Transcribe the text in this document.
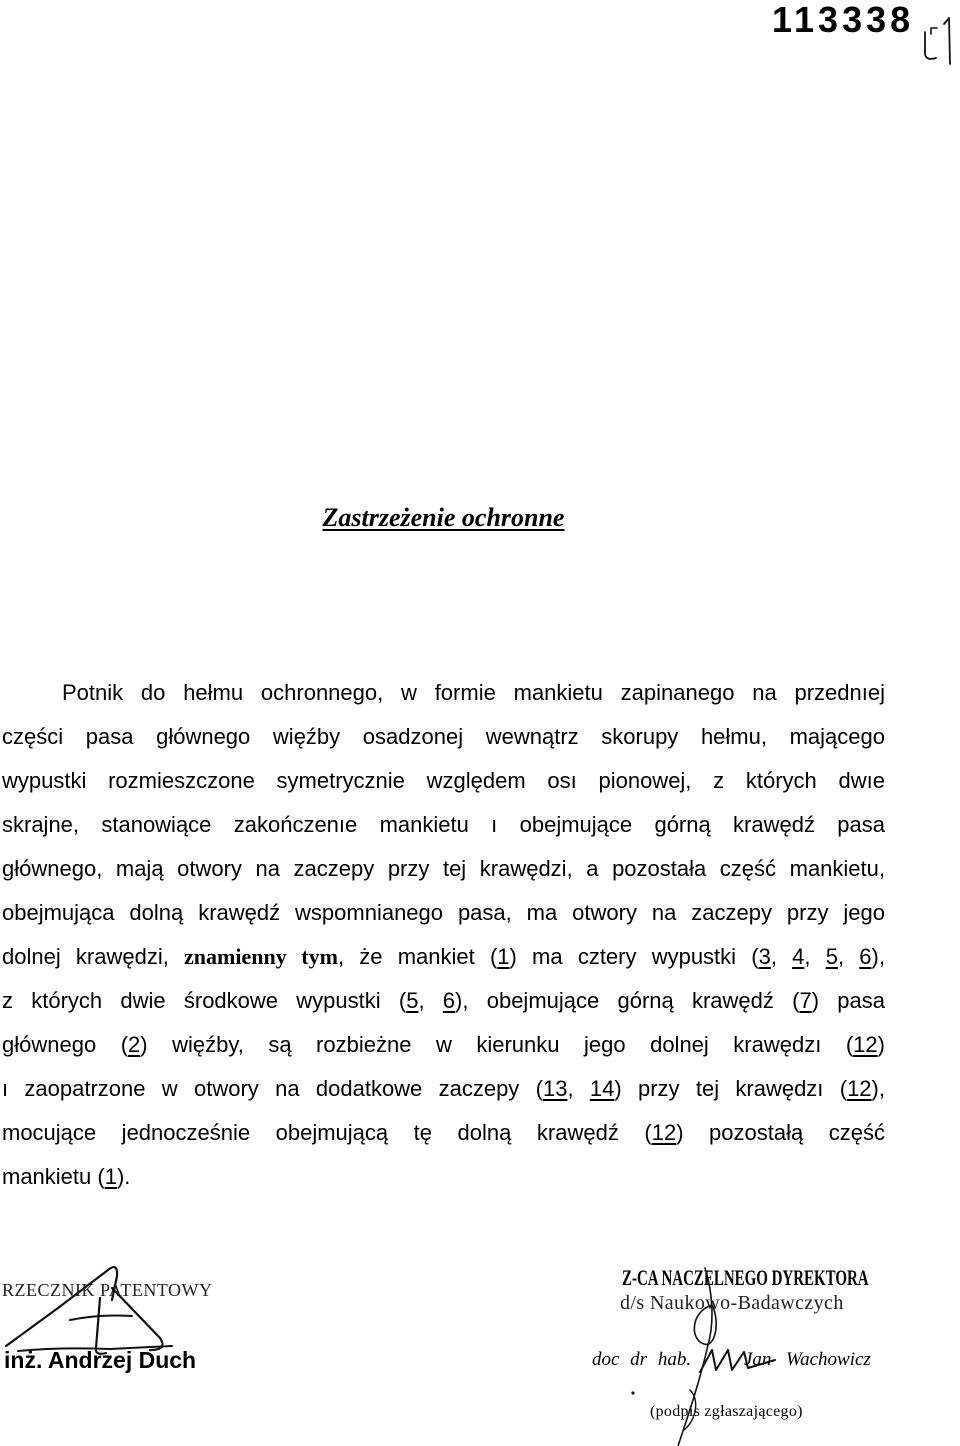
113338
Zastrzeżenie ochronne
Potnik do hełmu ochronnego, w formie mankietu zapinanego na przednıej
części pasa głównego więźby osadzonej wewnątrz skorupy hełmu, mającego
wypustki rozmieszczone symetrycznie względem osı pionowej, z których dwıe
skrajne, stanowiące zakończenıe mankietu ı obejmujące górną krawędź pasa
głównego, mają otwory na zaczepy przy tej krawędzi, a pozostała część mankietu,
obejmująca dolną krawędź wspomnianego pasa, ma otwory na zaczepy przy jego
dolnej krawędzi, znamienny tym, że mankiet (1) ma cztery wypustki (3, 4, 5, 6),
z których dwie środkowe wypustki (5, 6), obejmujące górną krawędź (7) pasa
głównego (2) więźby, są rozbieżne w kierunku jego dolnej krawędzı (12)
ı zaopatrzone w otwory na dodatkowe zaczepy (13, 14) przy tej krawędzı (12),
mocujące jednocześnie obejmującą tę dolną krawędź (12) pozostałą część
mankietu (1).
RZECZNIK PATENTOWY
inż. Andrzej Duch
Z-CA NACZELNEGO DYREKTORA
d/s Naukowo-Badawczych
doc dr hab.	Jan Wachowicz
(podpis zgłaszającego)
